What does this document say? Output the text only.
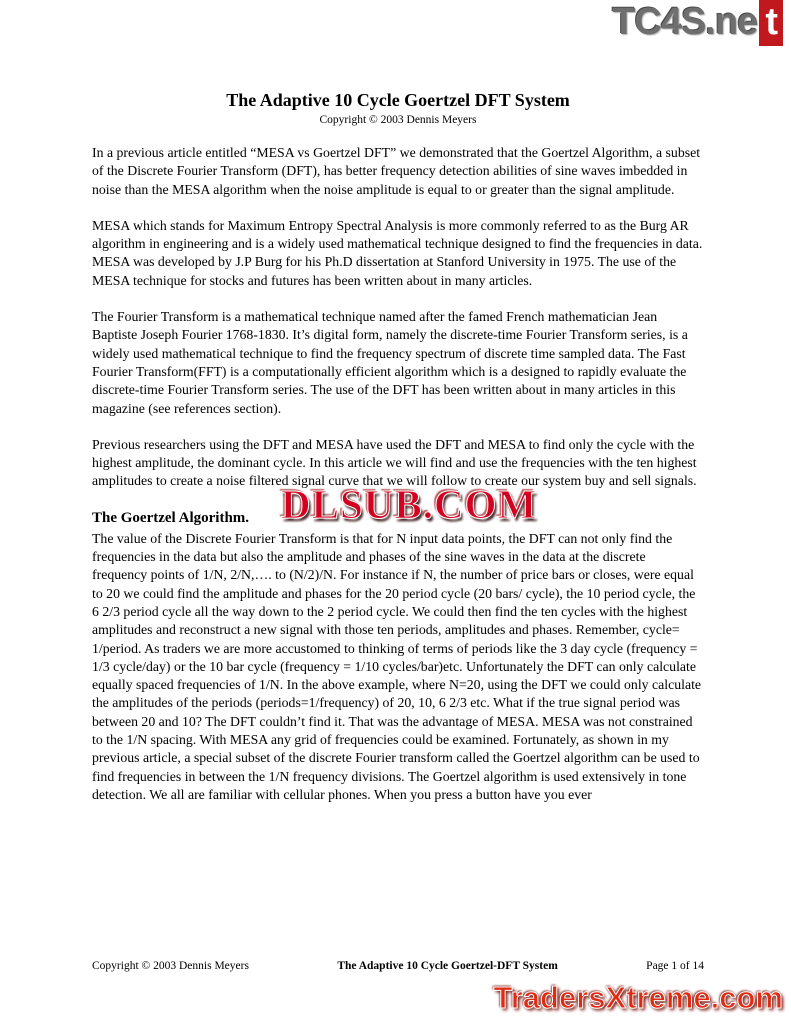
TC4S.ne t
The Adaptive 10 Cycle Goertzel DFT System
Copyright © 2003 Dennis Meyers

In a previous article entitled “MESA vs Goertzel DFT” we demonstrated that the Goertzel Algorithm, a subset of the Discrete Fourier Transform (DFT), has better frequency detection abilities of sine waves imbedded in noise than the MESA algorithm when the noise amplitude is equal to or greater than the signal amplitude.

MESA which stands for Maximum Entropy Spectral Analysis is more commonly referred to as the Burg AR algorithm in engineering and is a widely used mathematical technique designed to find the frequencies in data. MESA was developed by J.P Burg for his Ph.D dissertation at Stanford University in 1975. The use of the MESA technique for stocks and futures has been written about in many articles.

The Fourier Transform is a mathematical technique named after the famed French mathematician Jean Baptiste Joseph Fourier 1768-1830. It’s digital form, namely the discrete-time Fourier Transform series, is a widely used mathematical technique to find the frequency spectrum of discrete time sampled data. The Fast Fourier Transform(FFT) is a computationally efficient algorithm which is a designed to rapidly evaluate the discrete-time Fourier Transform series. The use of the DFT has been written about in many articles in this magazine (see references section).

Previous researchers using the DFT and MESA have used the DFT and MESA to find only the cycle with the highest amplitude, the dominant cycle. In this article we will find and use the frequencies with the ten highest amplitudes to create a noise filtered signal curve that we will follow to create our system buy and sell signals.

The Goertzel Algorithm.

The value of the Discrete Fourier Transform is that for N input data points, the DFT can not only find the frequencies in the data but also the amplitude and phases of the sine waves in the data at the discrete frequency points of 1/N, 2/N,…. to (N/2)/N. For instance if N, the number of price bars or closes, were equal to 20 we could find the amplitude and phases for the 20 period cycle (20 bars/ cycle), the 10 period cycle, the 6 2/3 period cycle all the way down to the 2 period cycle. We could then find the ten cycles with the highest amplitudes and reconstruct a new signal with those ten periods, amplitudes and phases. Remember, cycle= 1/period. As traders we are more accustomed to thinking of terms of periods like the 3 day cycle (frequency = 1/3 cycle/day) or the 10 bar cycle (frequency = 1/10 cycles/bar)etc. Unfortunately the DFT can only calculate equally spaced frequencies of 1/N. In the above example, where N=20, using the DFT we could only calculate the amplitudes of the periods (periods=1/frequency) of 20, 10, 6 2/3 etc. What if the true signal period was between 20 and 10? The DFT couldn’t find it. That was the advantage of MESA. MESA was not constrained to the 1/N spacing. With MESA any grid of frequencies could be examined. Fortunately, as shown in my previous article, a special subset of the discrete Fourier transform called the Goertzel algorithm can be used to find frequencies in between the 1/N frequency divisions. The Goertzel algorithm is used extensively in tone detection. We all are familiar with cellular phones. When you press a button have you ever

DLSUB.COM
Copyright © 2003 Dennis Meyers	The Adaptive 10 Cycle Goertzel-DFT System	Page 1 of 14
TradersXtreme.com
